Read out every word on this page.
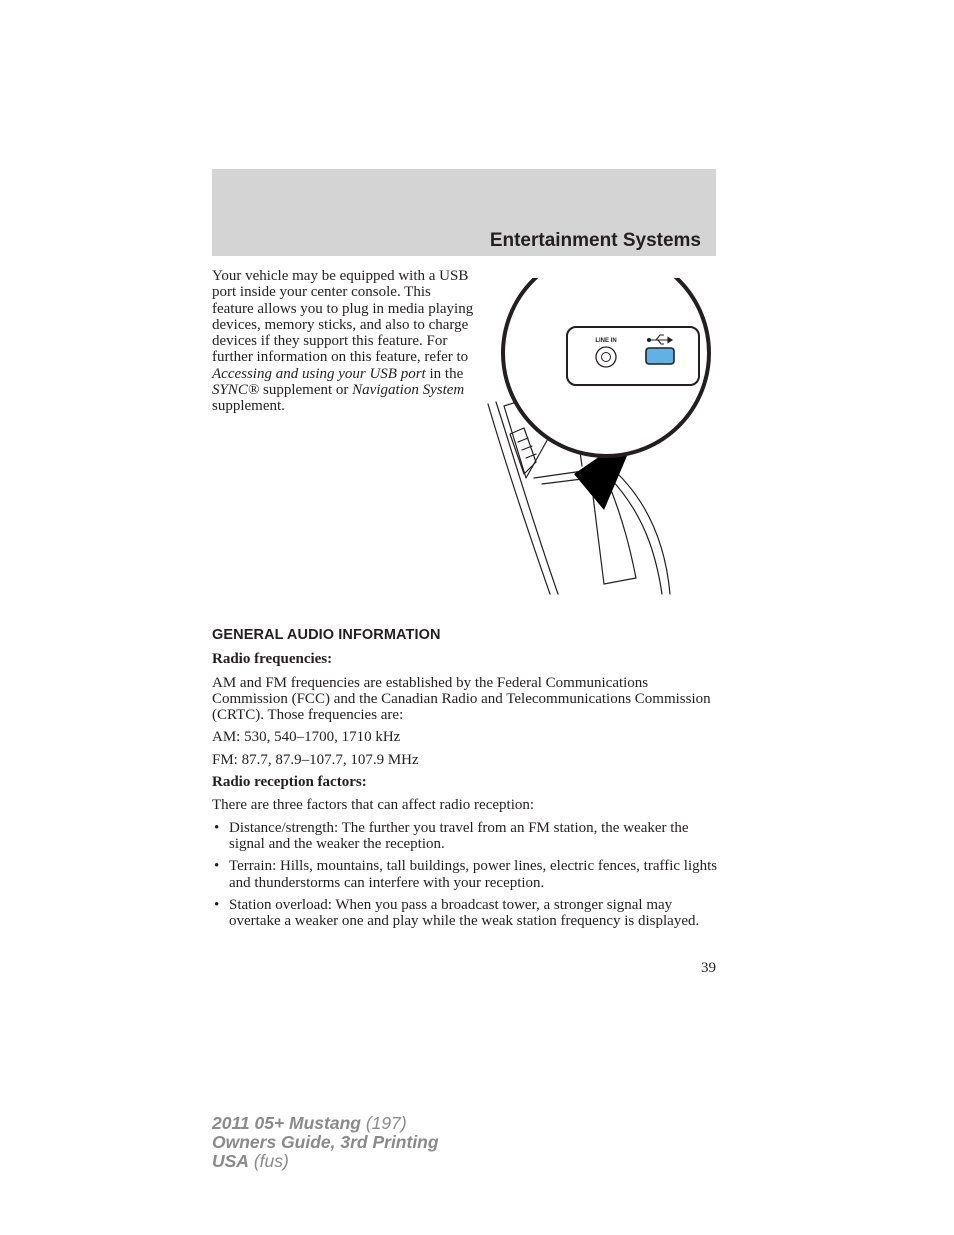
Entertainment Systems
Your vehicle may be equipped with a USB port inside your center console. This feature allows you to plug in media playing devices, memory sticks, and also to charge devices if they support this feature. For further information on this feature, refer to Accessing and using your USB port in the SYNC® supplement or Navigation System supplement.
LINE IN
GENERAL AUDIO INFORMATION
Radio frequencies:

AM and FM frequencies are established by the Federal Communications Commission (FCC) and the Canadian Radio and Telecommunications Commission (CRTC). Those frequencies are:

AM: 530, 540–1700, 1710 kHz

FM: 87.7, 87.9–107.7, 107.9 MHz

Radio reception factors:

There are three factors that can affect radio reception:

• Distance/strength: The further you travel from an FM station, the weaker the signal and the weaker the reception.
• Terrain: Hills, mountains, tall buildings, power lines, electric fences, traffic lights and thunderstorms can interfere with your reception.
• Station overload: When you pass a broadcast tower, a stronger signal may overtake a weaker one and play while the weak station frequency is displayed.
39
2011 05+ Mustang (197)
Owners Guide, 3rd Printing
USA (fus)
